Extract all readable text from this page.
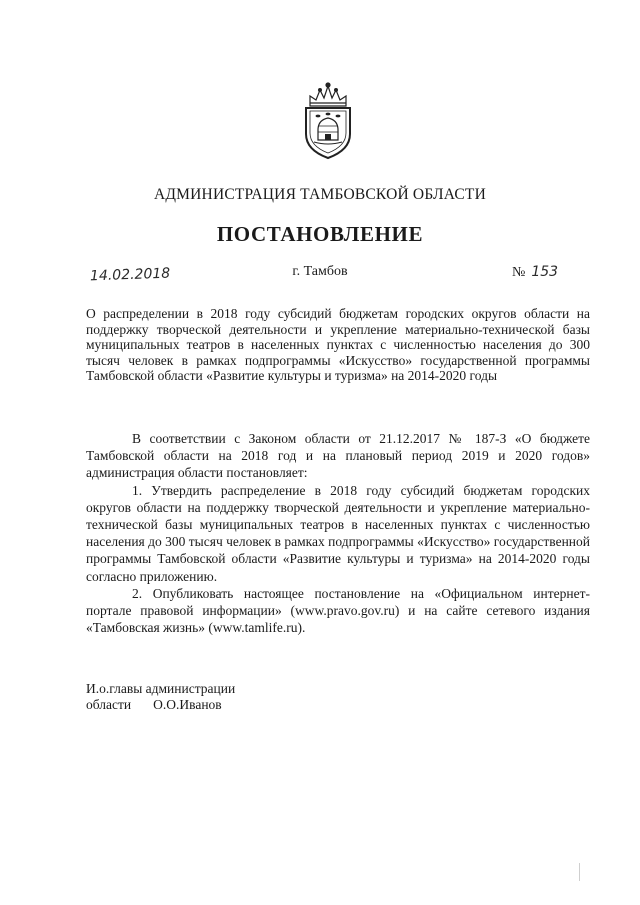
АДМИНИСТРАЦИЯ ТАМБОВСКОЙ ОБЛАСТИ
ПОСТАНОВЛЕНИЕ
14.02.2018	г. Тамбов	№ 153
О распределении в 2018 году субсидий бюджетам городских округов области на поддержку творческой деятельности и укрепление материально-технической базы муниципальных театров в населенных пунктах с численностью населения до 300 тысяч человек в рамках подпрограммы «Искусство» государственной программы Тамбовской области «Развитие культуры и туризма» на 2014-2020 годы

В соответствии с Законом области от 21.12.2017 № 187-З «О бюджете Тамбовской области на 2018 год и на плановый период 2019 и 2020 годов» администрация области постановляет:

1. Утвердить распределение в 2018 году субсидий бюджетам городских округов области на поддержку творческой деятельности и укрепление материально-технической базы муниципальных театров в населенных пунктах с численностью населения до 300 тысяч человек в рамках подпрограммы «Искусство» государственной программы Тамбовской области «Развитие культуры и туризма» на 2014-2020 годы согласно приложению.

2. Опубликовать настоящее постановление на «Официальном интернет-портале правовой информации» (www.pravo.gov.ru) и на сайте сетевого издания «Тамбовская жизнь» (www.tamlife.ru).

И.о.главы администрации
области О.О.Иванов
